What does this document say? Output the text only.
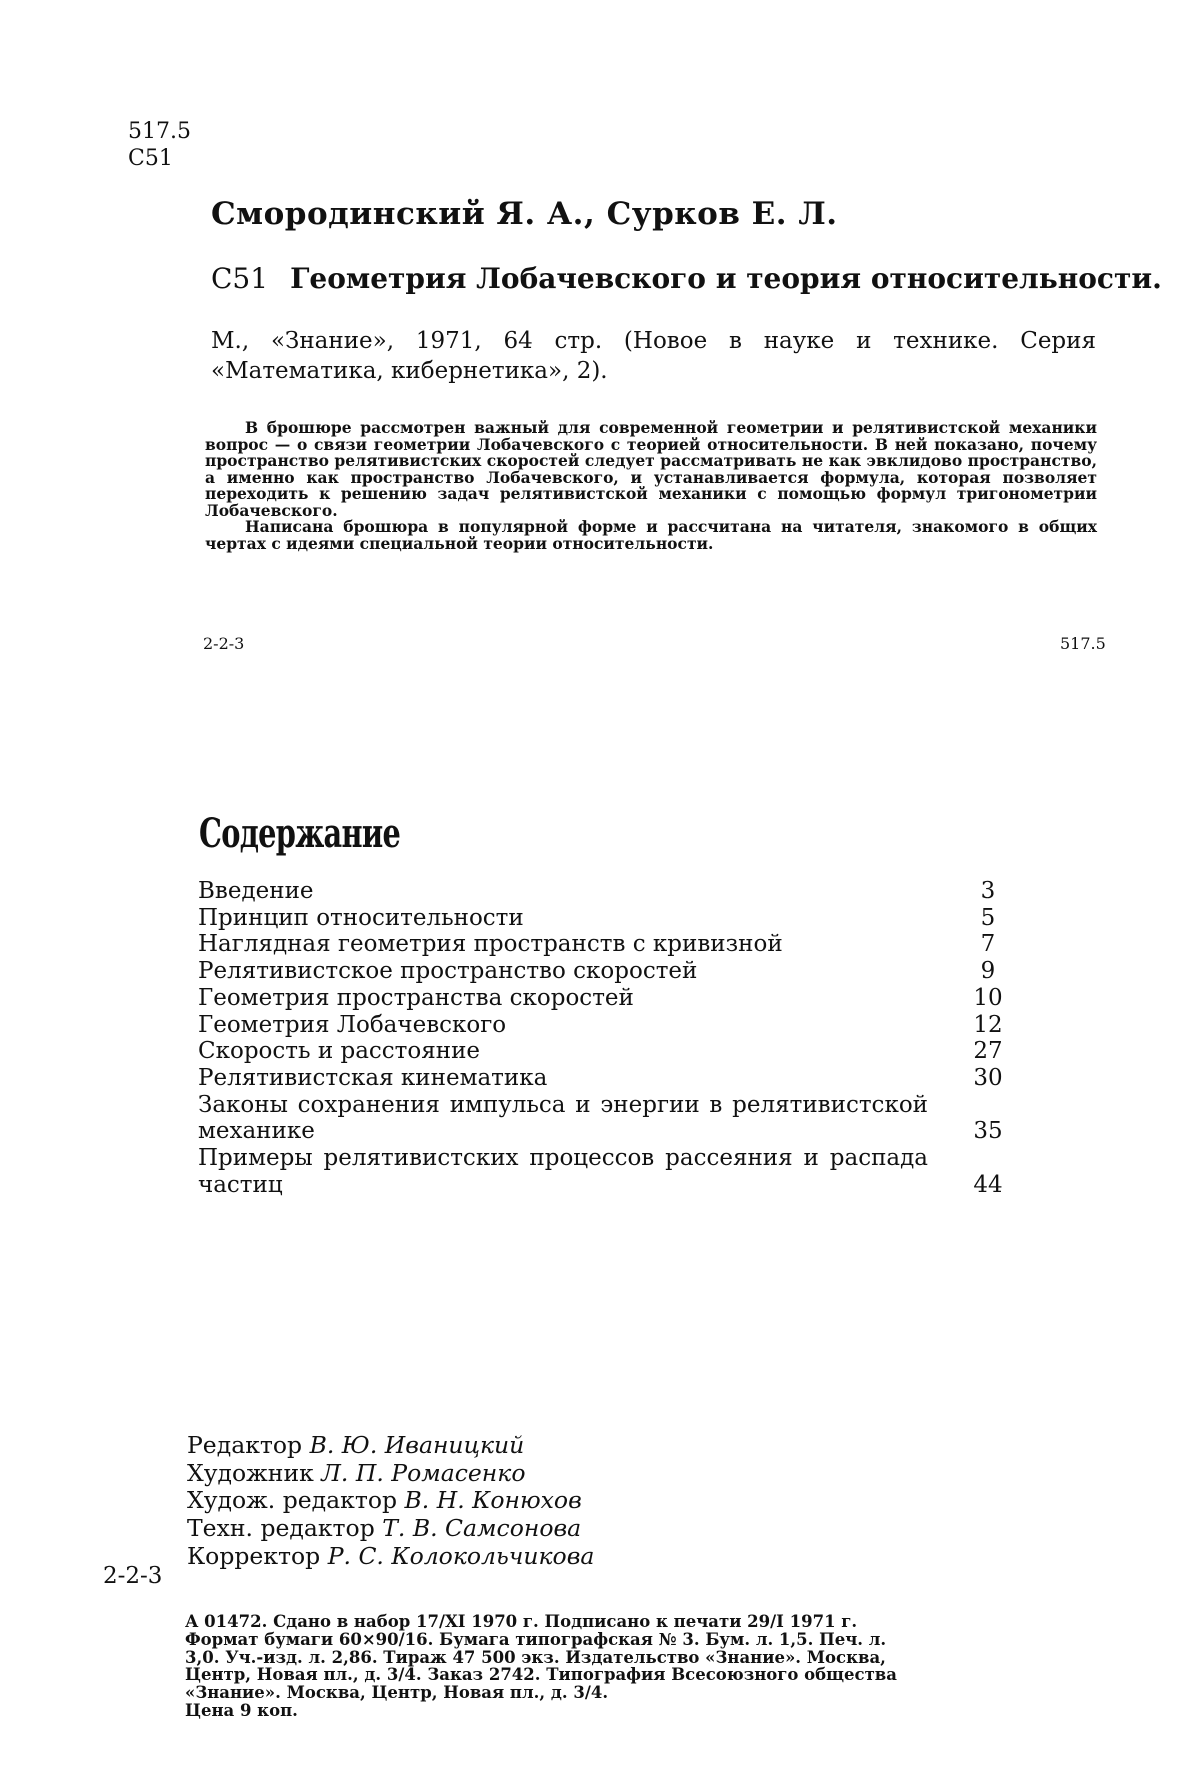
517.5
С51
Смородинский Я. А., Сурков Е. Л.
С51 Геометрия Лобачевского и теория относительности.
М., «Знание», 1971, 64 стр. (Новое в науке и технике. Серия «Математика, кибернетика», 2).

В брошюре рассмотрен важный для современной геометрии и релятивистской механики вопрос — о связи геометрии Лобачевского с теорией относительности. В ней показано, почему пространство релятивистских скоростей следует рассматривать не как эвклидово пространство, а именно как пространство Лобачевского, и устанавливается формула, которая позволяет переходить к решению задач релятивистской механики с помощью формул тригонометрии Лобачевского.

Написана брошюра в популярной форме и рассчитана на читателя, знакомого в общих чертах с идеями специальной теории относительности.

2-2-3	517.5
Содержание
Введение	3
Принцип относительности	5
Наглядная геометрия пространств с кривизной	7
Релятивистское пространство скоростей	9
Геометрия пространства скоростей	10
Геометрия Лобачевского	12
Скорость и расстояние	27
Релятивистская кинематика	30
Законы сохранения импульса и энергии в релятивистской механике	35
Примеры релятивистских процессов рассеяния и распада частиц	44
Редактор В. Ю. Иваницкий
Художник Л. П. Ромасенко
Худож. редактор В. Н. Конюхов
Техн. редактор Т. В. Самсонова
Корректор Р. С. Колокольчикова
2-2-3

А 01472. Сдано в набор 17/XI 1970 г. Подписано к печати 29/I 1971 г.

Формат бумаги 60×90/16. Бумага типографская № 3. Бум. л. 1,5. Печ. л.

3,0. Уч.-изд. л. 2,86. Тираж 47 500 экз. Издательство «Знание». Москва,

Центр, Новая пл., д. 3/4. Заказ 2742. Типография Всесоюзного общества

«Знание». Москва, Центр, Новая пл., д. 3/4.

Цена 9 коп.
